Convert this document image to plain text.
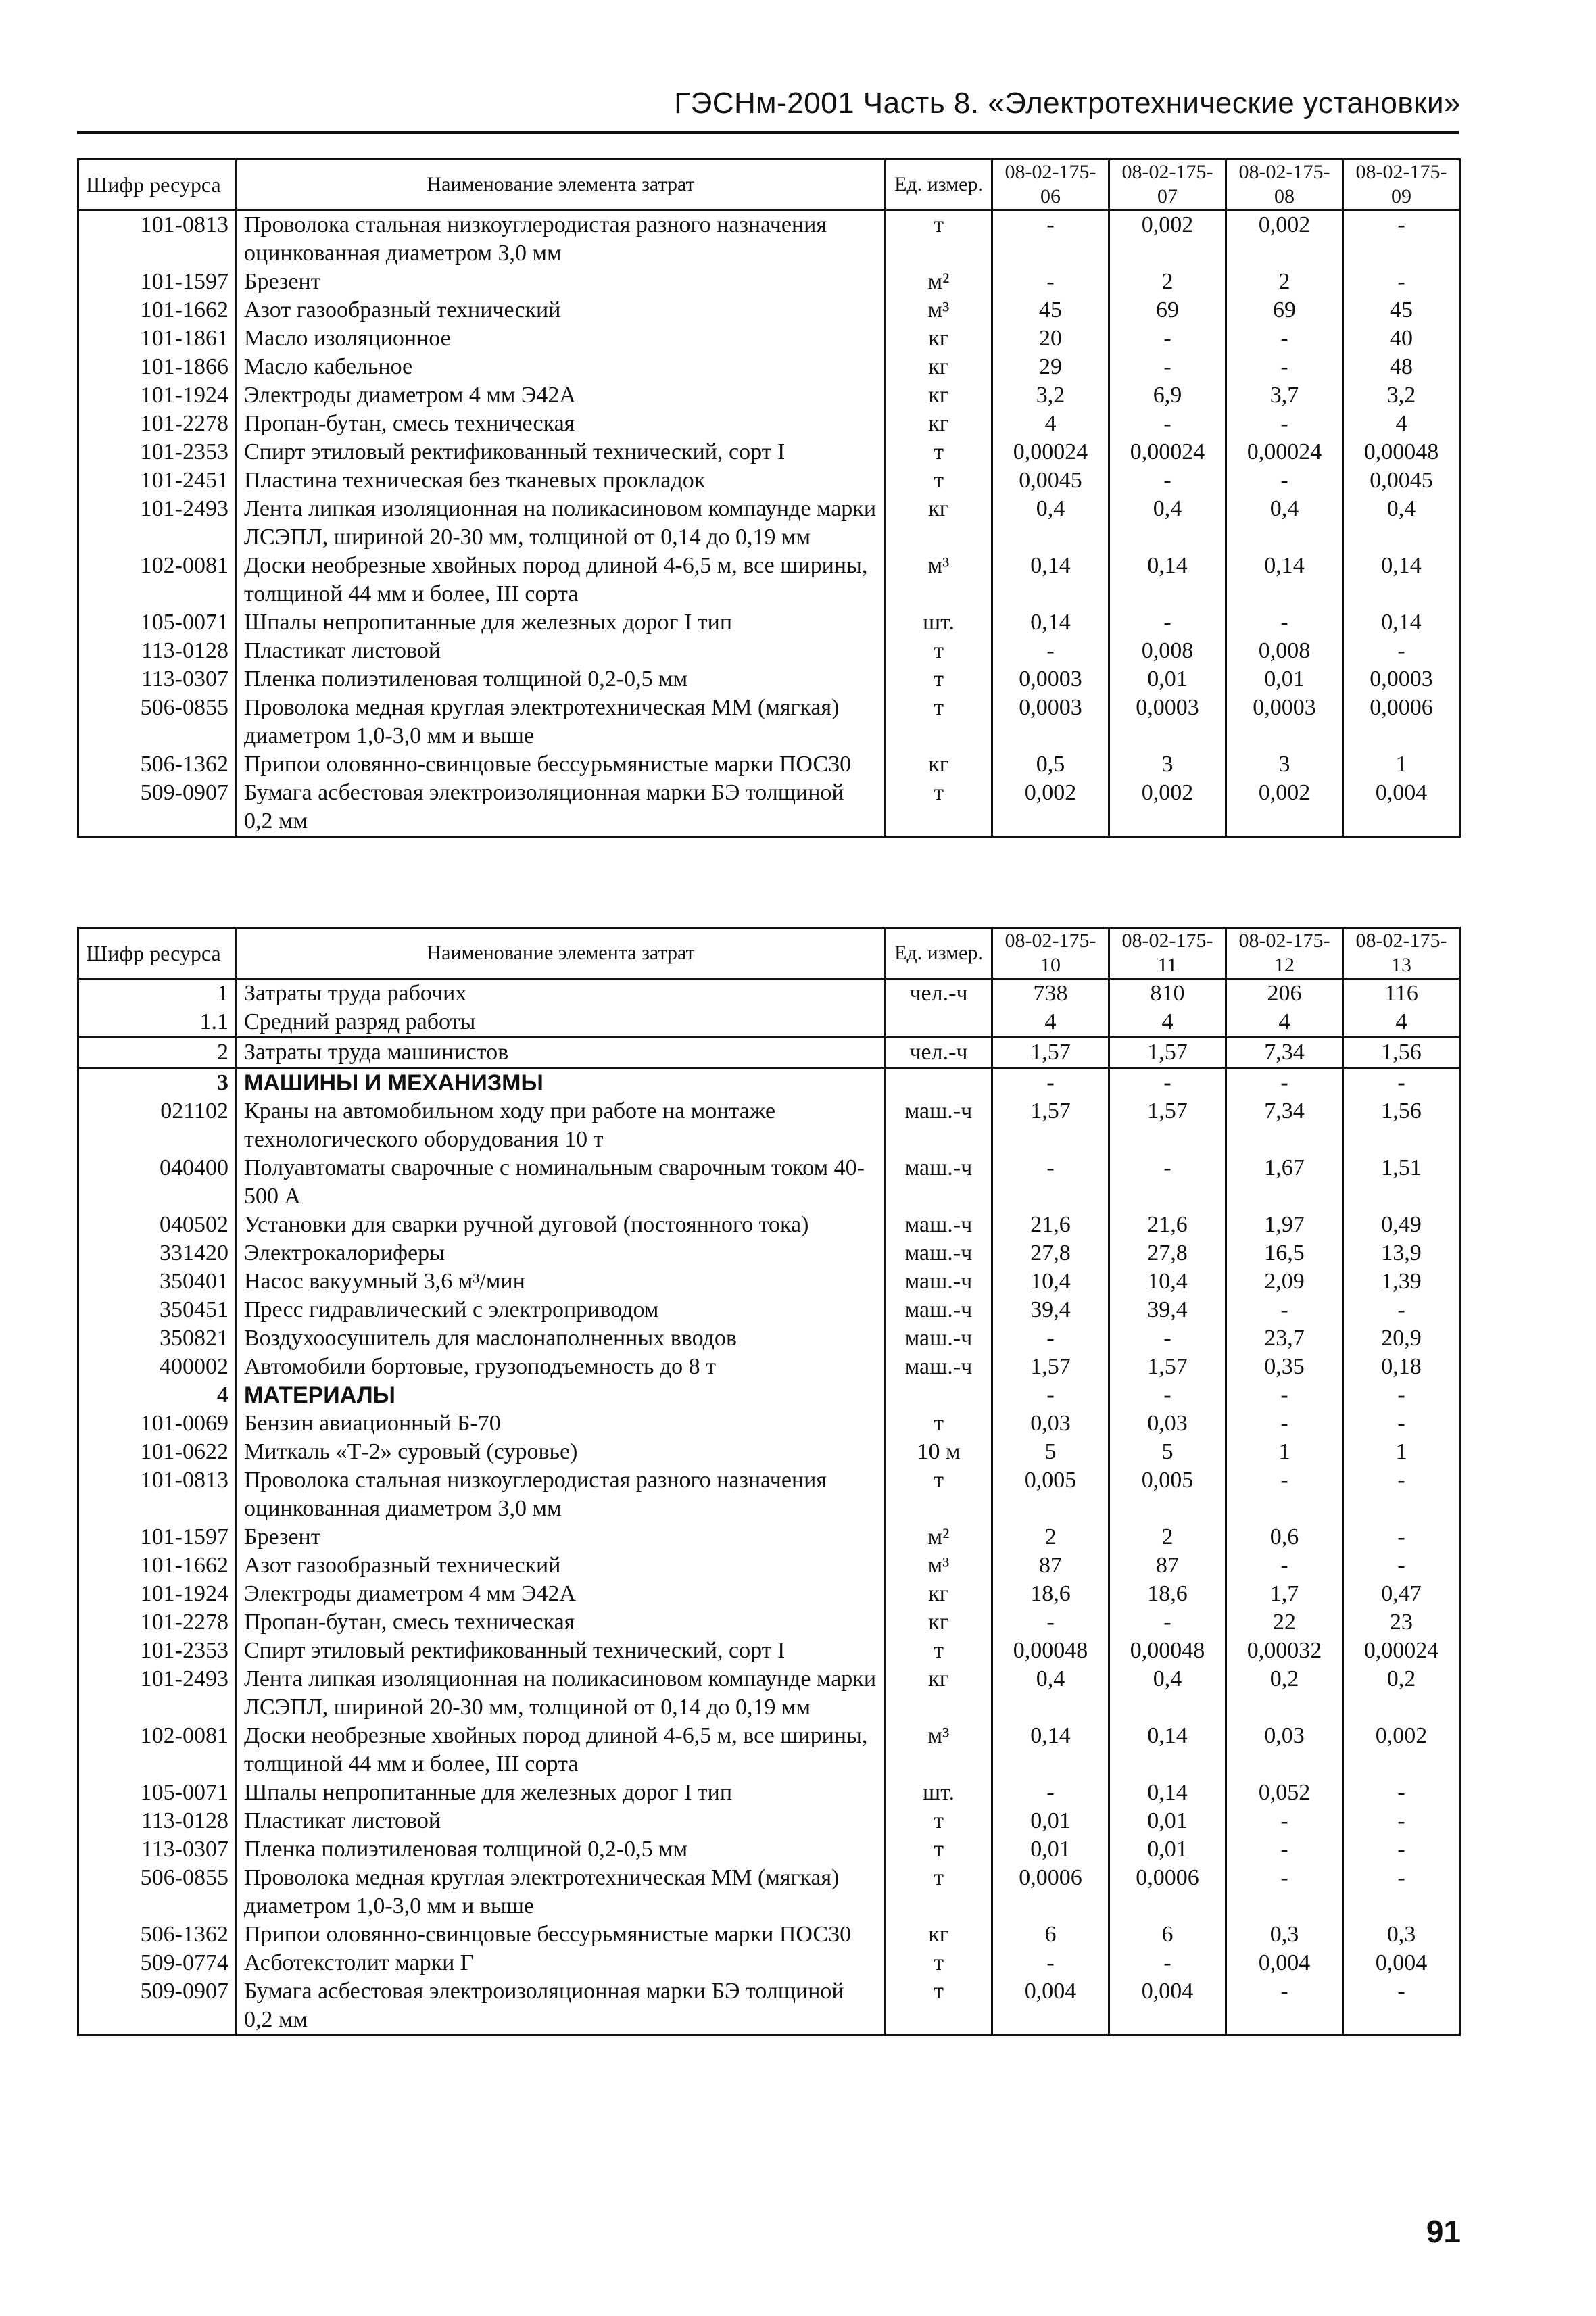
ГЭСНм-2001 Часть 8. «Электротехнические установки»
Шифр ресурса	Наименование элемента затрат	Ед. измер.	08-02-175-06	08-02-175-07	08-02-175-08	08-02-175-09
101-0813	Проволока стальная низкоуглеродистая разного назначения оцинкованная диаметром 3,0 мм	т	-	0,002	0,002	-
101-1597	Брезент	м²	-	2	2	-
101-1662	Азот газообразный технический	м³	45	69	69	45
101-1861	Масло изоляционное	кг	20	-	-	40
101-1866	Масло кабельное	кг	29	-	-	48
101-1924	Электроды диаметром 4 мм Э42А	кг	3,2	6,9	3,7	3,2
101-2278	Пропан-бутан, смесь техническая	кг	4	-	-	4
101-2353	Спирт этиловый ректификованный технический, сорт I	т	0,00024	0,00024	0,00024	0,00048
101-2451	Пластина техническая без тканевых прокладок	т	0,0045	-	-	0,0045
101-2493	Лента липкая изоляционная на поликасиновом компаунде марки ЛСЭПЛ, шириной 20-30 мм, толщиной от 0,14 до 0,19 мм	кг	0,4	0,4	0,4	0,4
102-0081	Доски необрезные хвойных пород длиной 4-6,5 м, все ширины, толщиной 44 мм и более, III сорта	м³	0,14	0,14	0,14	0,14
105-0071	Шпалы непропитанные для железных дорог I тип	шт.	0,14	-	-	0,14
113-0128	Пластикат листовой	т	-	0,008	0,008	-
113-0307	Пленка полиэтиленовая толщиной 0,2-0,5 мм	т	0,0003	0,01	0,01	0,0003
506-0855	Проволока медная круглая электротехническая ММ (мягкая) диаметром 1,0-3,0 мм и выше	т	0,0003	0,0003	0,0003	0,0006
506-1362	Припои оловянно-свинцовые бессурьмянистые марки ПОС30	кг	0,5	3	3	1
509-0907	Бумага асбестовая электроизоляционная марки БЭ толщиной 0,2 мм	т	0,002	0,002	0,002	0,004
Шифр ресурса	Наименование элемента затрат	Ед. измер.	08-02-175-10	08-02-175-11	08-02-175-12	08-02-175-13
1	Затраты труда рабочих	чел.-ч	738	810	206	116
1.1	Средний разряд работы		4	4	4	4
2	Затраты труда машинистов	чел.-ч	1,57	1,57	7,34	1,56
3	МАШИНЫ И МЕХАНИЗМЫ		-	-	-	-
021102	Краны на автомобильном ходу при работе на монтаже технологического оборудования 10 т	маш.-ч	1,57	1,57	7,34	1,56
040400	Полуавтоматы сварочные с номинальным сварочным током 40-500 А	маш.-ч	-	-	1,67	1,51
040502	Установки для сварки ручной дуговой (постоянного тока)	маш.-ч	21,6	21,6	1,97	0,49
331420	Электрокалориферы	маш.-ч	27,8	27,8	16,5	13,9
350401	Насос вакуумный 3,6 м³/мин	маш.-ч	10,4	10,4	2,09	1,39
350451	Пресс гидравлический с электроприводом	маш.-ч	39,4	39,4	-	-
350821	Воздухоосушитель для маслонаполненных вводов	маш.-ч	-	-	23,7	20,9
400002	Автомобили бортовые, грузоподъемность до 8 т	маш.-ч	1,57	1,57	0,35	0,18
4	МАТЕРИАЛЫ		-	-	-	-
101-0069	Бензин авиационный Б-70	т	0,03	0,03	-	-
101-0622	Миткаль «Т-2» суровый (суровье)	10 м	5	5	1	1
101-0813	Проволока стальная низкоуглеродистая разного назначения оцинкованная диаметром 3,0 мм	т	0,005	0,005	-	-
101-1597	Брезент	м²	2	2	0,6	-
101-1662	Азот газообразный технический	м³	87	87	-	-
101-1924	Электроды диаметром 4 мм Э42А	кг	18,6	18,6	1,7	0,47
101-2278	Пропан-бутан, смесь техническая	кг	-	-	22	23
101-2353	Спирт этиловый ректификованный технический, сорт I	т	0,00048	0,00048	0,00032	0,00024
101-2493	Лента липкая изоляционная на поликасиновом компаунде марки ЛСЭПЛ, шириной 20-30 мм, толщиной от 0,14 до 0,19 мм	кг	0,4	0,4	0,2	0,2
102-0081	Доски необрезные хвойных пород длиной 4-6,5 м, все ширины, толщиной 44 мм и более, III сорта	м³	0,14	0,14	0,03	0,002
105-0071	Шпалы непропитанные для железных дорог I тип	шт.	-	0,14	0,052	-
113-0128	Пластикат листовой	т	0,01	0,01	-	-
113-0307	Пленка полиэтиленовая толщиной 0,2-0,5 мм	т	0,01	0,01	-	-
506-0855	Проволока медная круглая электротехническая ММ (мягкая) диаметром 1,0-3,0 мм и выше	т	0,0006	0,0006	-	-
506-1362	Припои оловянно-свинцовые бессурьмянистые марки ПОС30	кг	6	6	0,3	0,3
509-0774	Асботекстолит марки Г	т	-	-	0,004	0,004
509-0907	Бумага асбестовая электроизоляционная марки БЭ толщиной 0,2 мм	т	0,004	0,004	-	-
91
